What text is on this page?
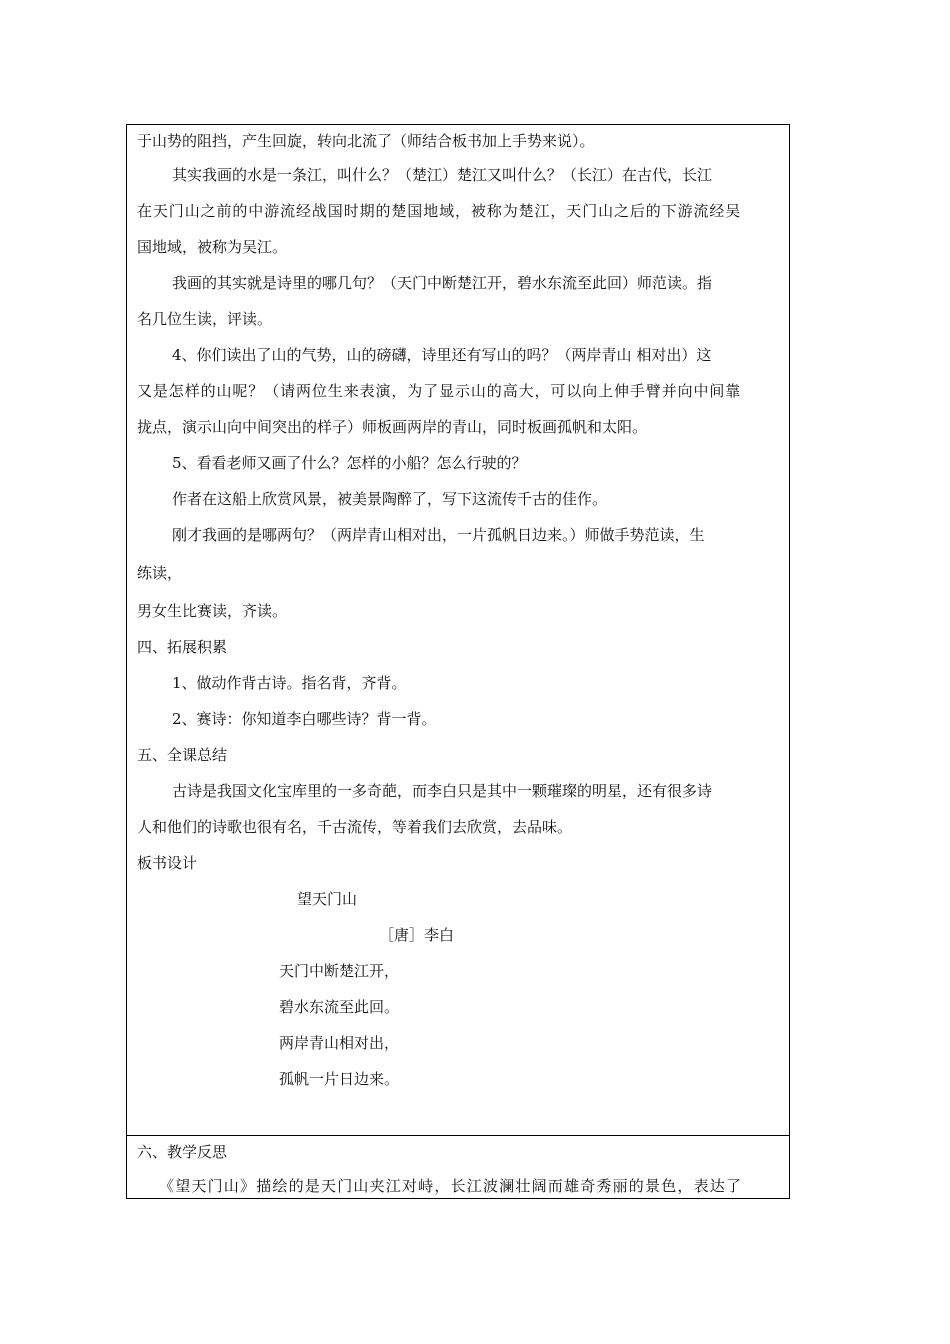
于山势的阻挡，产生回旋，转向北流了（师结合板书加上手势来说）。
其实我画的水是一条江，叫什么？（楚江）楚江又叫什么？（长江）在古代，长江
在天门山之前的中游流经战国时期的楚国地域，被称为楚江，天门山之后的下游流经吴
国地域，被称为吴江。
我画的其实就是诗里的哪几句？（天门中断楚江开，碧水东流至此回）师范读。指
名几位生读，评读。
4、你们读出了山的气势，山的磅礴，诗里还有写山的吗？（两岸青山 相对出）这
又是怎样的山呢？（请两位生来表演，为了显示山的高大，可以向上伸手臂并向中间靠
拢点，演示山向中间突出的样子）师板画两岸的青山，同时板画孤帆和太阳。
5、看看老师又画了什么？怎样的小船？怎么行驶的？
作者在这船上欣赏风景，被美景陶醉了，写下这流传千古的佳作。
刚才我画的是哪两句？（两岸青山相对出，一片孤帆日边来。）师做手势范读，生
练读，
男女生比赛读，齐读。
四、拓展积累
1、做动作背古诗。指名背，齐背。
2、赛诗：你知道李白哪些诗？背一背。
五、全课总结
古诗是我国文化宝库里的一多奇葩，而李白只是其中一颗璀璨的明星，还有很多诗
人和他们的诗歌也很有名，千古流传，等着我们去欣赏，去品味。
板书设计
望天门山
［唐］李白
天门中断楚江开，
碧水东流至此回。
两岸青山相对出，
孤帆一片日边来。
六、教学反思
《望天门山》描绘的是天门山夹江对峙，长江波澜壮阔而雄奇秀丽的景色，表达了
